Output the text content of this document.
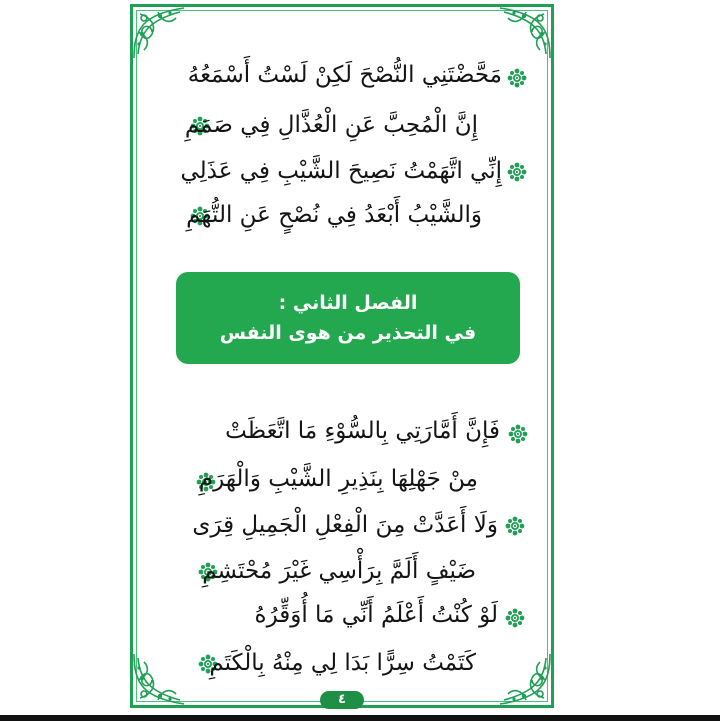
مَحَّضْتَنِي النُّصْحَ لَكِنْ لَسْتُ أَسْمَعُهُ
إِنَّ الْمُحِبَّ عَنِ الْعُذَّالِ فِي صَمَمِ
إِنِّي اتَّهَمْتُ نَصِيحَ الشَّيْبِ فِي عَذَلِي
وَالشَّيْبُ أَبْعَدُ فِي نُصْحٍ عَنِ التُّهَمِ
الفصل الثاني :
في التحذير من هوى النفس
فَإِنَّ أَمَّارَتِي بِالسُّوْءِ مَا اتَّعَظَتْ
مِنْ جَهْلِهَا بِنَذِيرِ الشَّيْبِ وَالْهَرَمِ
وَلَا أَعَدَّتْ مِنَ الْفِعْلِ الْجَمِيلِ قِرَى
ضَيْفٍ أَلَمَّ بِرَأْسِي غَيْرَ مُحْتَشِمِ
لَوْ كُنْتُ أَعْلَمُ أَنِّي مَا أُوَقِّرُهُ
كَتَمْتُ سِرًّا بَدَا لِي مِنْهُ بِالْكَتَمِ
٤
